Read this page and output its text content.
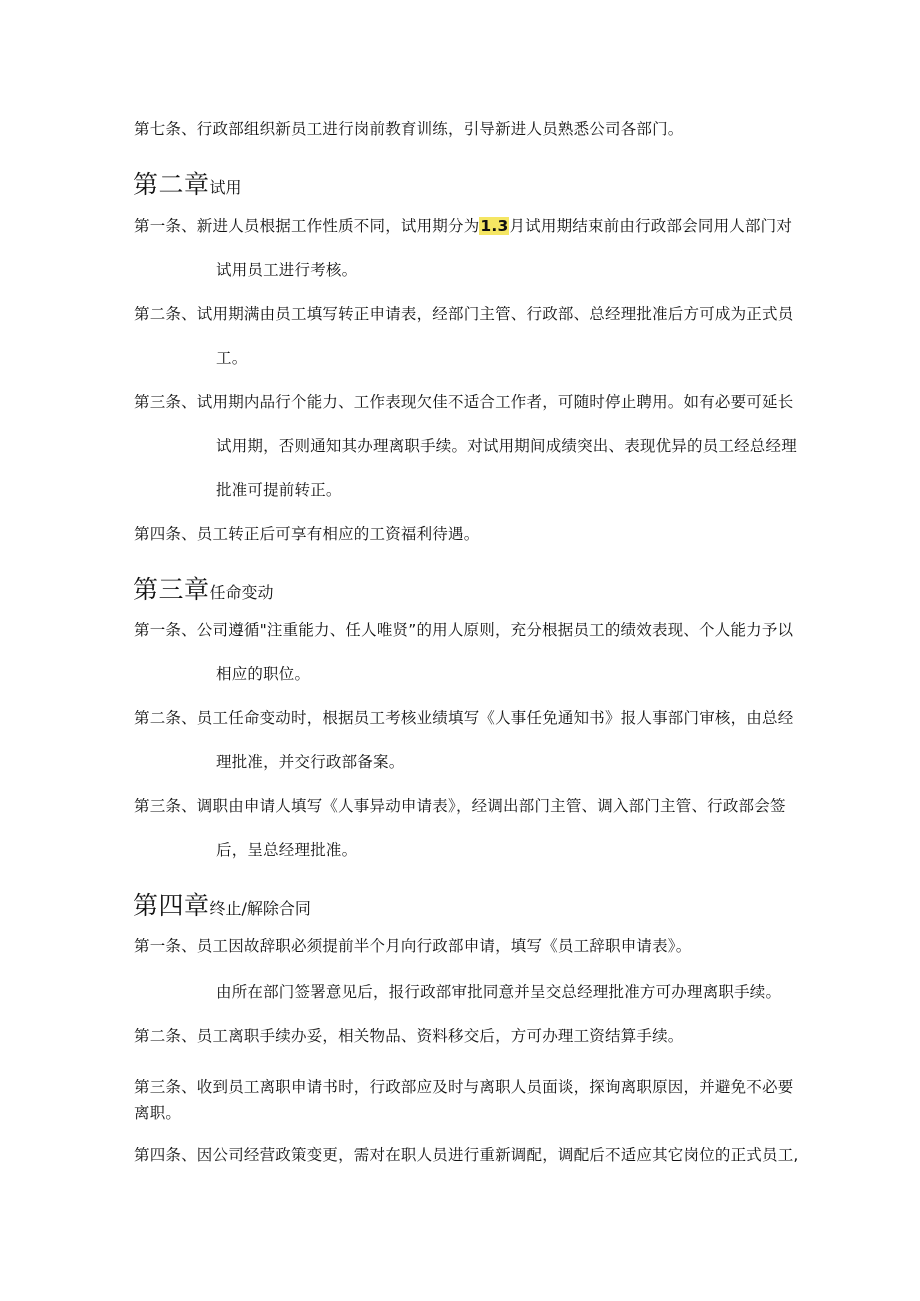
第七条、行政部组织新员工进行岗前教育训练，引导新进人员熟悉公司各部门。
第二章试用
第一条、新进人员根据工作性质不同，试用期分为1.3月试用期结束前由行政部会同用人部门对
试用员工进行考核。
第二条、试用期满由员工填写转正申请表，经部门主管、行政部、总经理批准后方可成为正式员
工。
第三条、试用期内品行个能力、工作表现欠佳不适合工作者，可随时停止聘用。如有必要可延长
试用期，否则通知其办理离职手续。对试用期间成绩突出、表现优异的员工经总经理
批准可提前转正。
第四条、员工转正后可享有相应的工资福利待遇。
第三章任命变动
第一条、公司遵循"注重能力、任人唯贤”的用人原则，充分根据员工的绩效表现、个人能力予以
相应的职位。
第二条、员工任命变动时，根据员工考核业绩填写《人事任免通知书》报人事部门审核，由总经
理批准，并交行政部备案。
第三条、调职由申请人填写《人事异动申请表》，经调出部门主管、调入部门主管、行政部会签
后，呈总经理批准。
第四章终止/解除合同
第一条、员工因故辞职必须提前半个月向行政部申请，填写《员工辞职申请表》。
由所在部门签署意见后，报行政部审批同意并呈交总经理批准方可办理离职手续。
第二条、员工离职手续办妥，相关物品、资料移交后，方可办理工资结算手续。
第三条、收到员工离职申请书时，行政部应及时与离职人员面谈，探询离职原因，并避免不必要
离职。
第四条、因公司经营政策变更，需对在职人员进行重新调配，调配后不适应其它岗位的正式员工,
